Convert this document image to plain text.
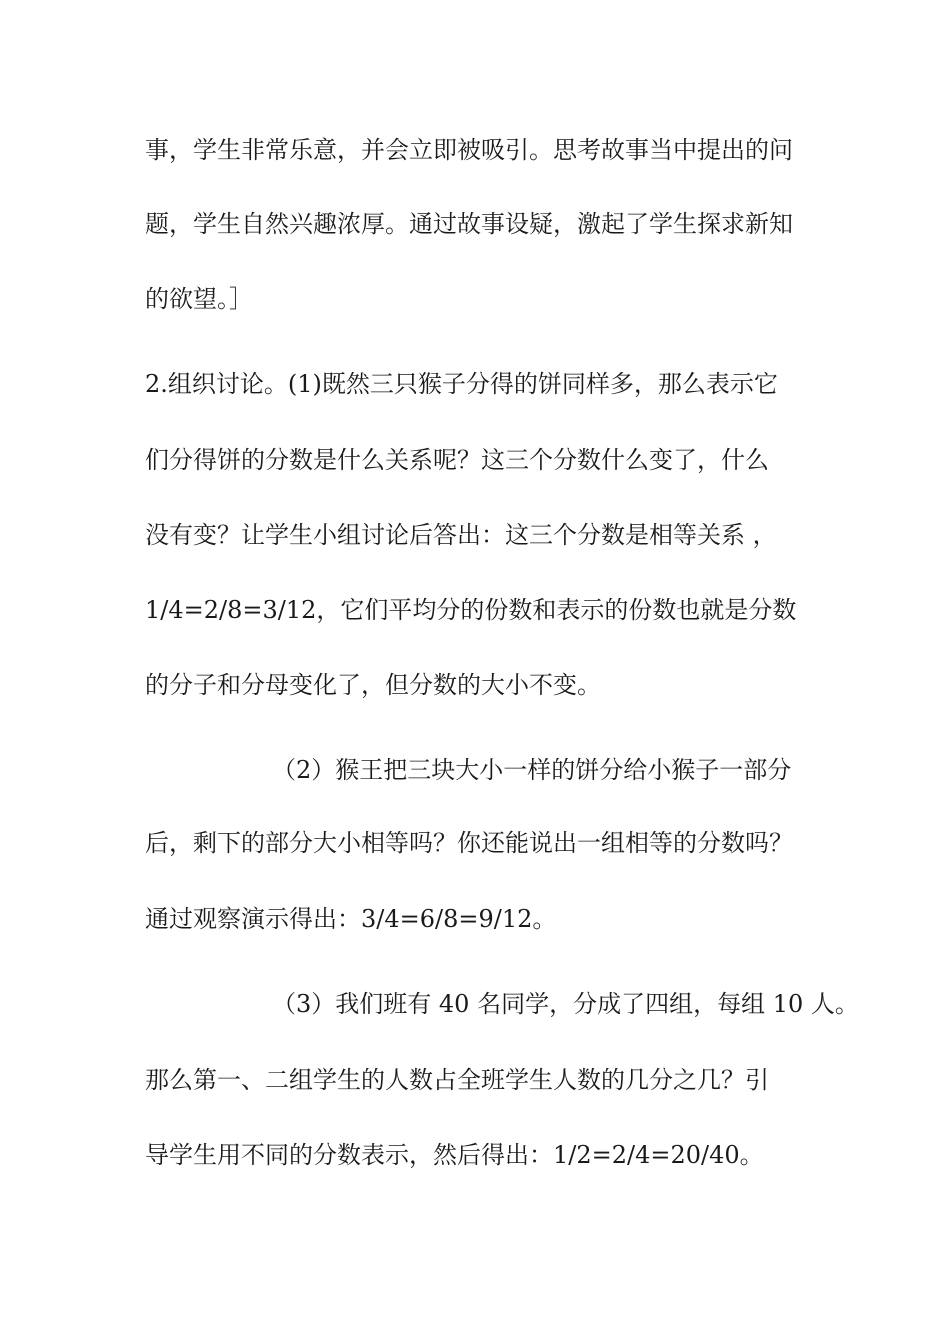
事，学生非常乐意，并会立即被吸引。思考故事当中提出的问
题，学生自然兴趣浓厚。通过故事设疑，激起了学生探求新知
的欲望。］
2.组织讨论。(1)既然三只猴子分得的饼同样多，那么表示它
们分得饼的分数是什么关系呢？这三个分数什么变了，什么
没有变？让学生小组讨论后答出：这三个分数是相等关系 ，
1/4=2/8=3/12，它们平均分的份数和表示的份数也就是分数
的分子和分母变化了，但分数的大小不变。
（2）猴王把三块大小一样的饼分给小猴子一部分
后，剩下的部分大小相等吗？你还能说出一组相等的分数吗？
通过观察演示得出：3/4=6/8=9/12。
（3）我们班有 40 名同学，分成了四组，每组 10 人。
那么第一、二组学生的人数占全班学生人数的几分之几？引
导学生用不同的分数表示，然后得出：1/2=2/4=20/40。
